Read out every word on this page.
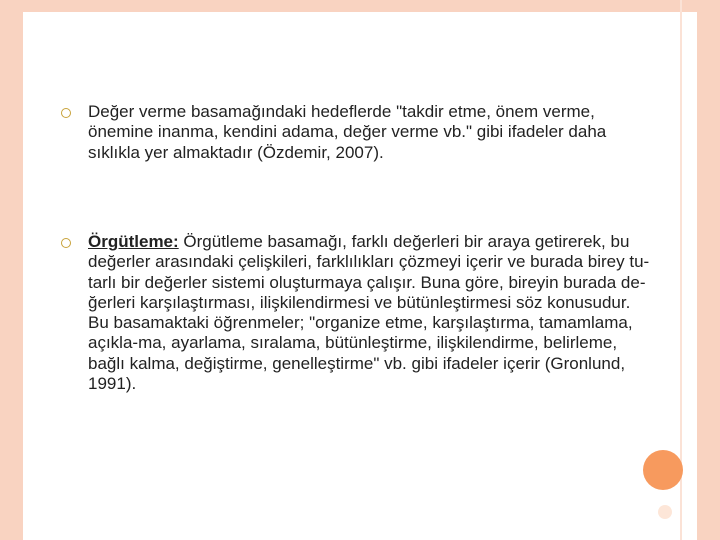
Değer verme basamağındaki hedeflerde "takdir etme, önem verme, önemine inanma, kendini adama, değer verme vb." gibi ifadeler daha sıklıkla yer almaktadır (Özdemir, 2007).
Örgütleme: Örgütleme basamağı, farklı değerleri bir araya getirerek, bu değerler arasındaki çelişkileri, farklılıkları çözmeyi içerir ve burada birey tu-tarlı bir değerler sistemi oluşturmaya çalışır. Buna göre, bireyin burada de-ğerleri karşılaştırması, ilişkilendirmesi ve bütünleştirmesi söz konusudur. Bu basamaktaki öğrenmeler; "organize etme, karşılaştırma, tamamlama, açıkla-ma, ayarlama, sıralama, bütünleştirme, ilişkilendirme, belirleme, bağlı kalma, değiştirme, genelleştirme" vb. gibi ifadeler içerir (Gronlund, 1991).
